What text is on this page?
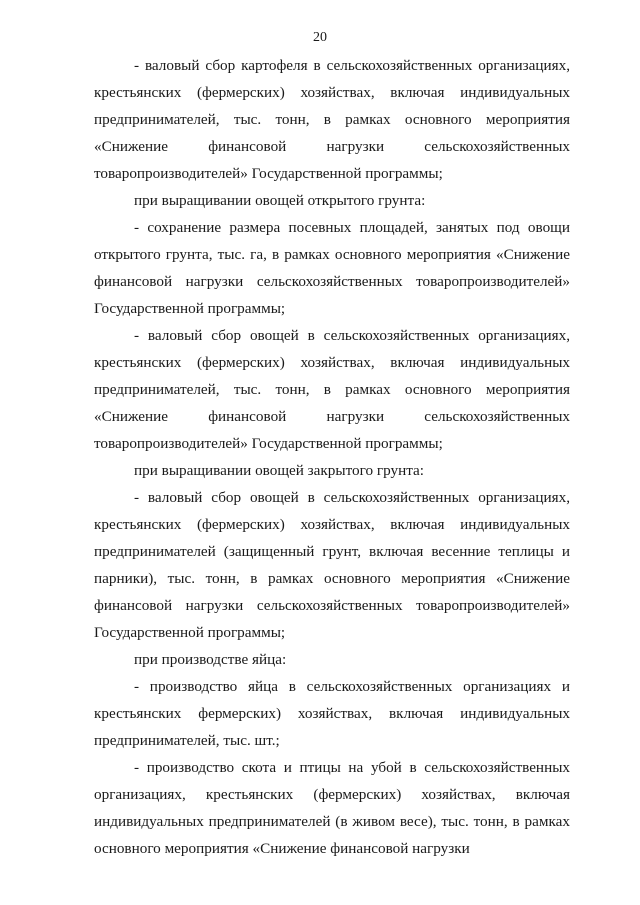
20

- валовый сбор картофеля в сельскохозяйственных организациях, крестьянских (фермерских) хозяйствах, включая индивидуальных предпринимателей, тыс. тонн, в рамках основного мероприятия «Снижение финансовой нагрузки сельскохозяйственных товаропроизводителей» Государственной программы;

при выращивании овощей открытого грунта:

- сохранение размера посевных площадей, занятых под овощи открытого грунта, тыс. га, в рамках основного мероприятия «Снижение финансовой нагрузки сельскохозяйственных товаропроизводителей» Государственной программы;

- валовый сбор овощей в сельскохозяйственных организациях, крестьянских (фермерских) хозяйствах, включая индивидуальных предпринимателей, тыс. тонн, в рамках основного мероприятия «Снижение финансовой нагрузки сельскохозяйственных товаропроизводителей» Государственной программы;

при выращивании овощей закрытого грунта:

- валовый сбор овощей в сельскохозяйственных организациях, крестьянских (фермерских) хозяйствах, включая индивидуальных предпринимателей (защищенный грунт, включая весенние теплицы и парники), тыс. тонн, в рамках основного мероприятия «Снижение финансовой нагрузки сельскохозяйственных товаропроизводителей» Государственной программы;

при производстве яйца:

- производство яйца в сельскохозяйственных организациях и крестьянских фермерских) хозяйствах, включая индивидуальных предпринимателей, тыс. шт.;

- производство скота и птицы на убой в сельскохозяйственных организациях, крестьянских (фермерских) хозяйствах, включая индивидуальных предпринимателей (в живом весе), тыс. тонн, в рамках основного мероприятия «Снижение финансовой нагрузки
